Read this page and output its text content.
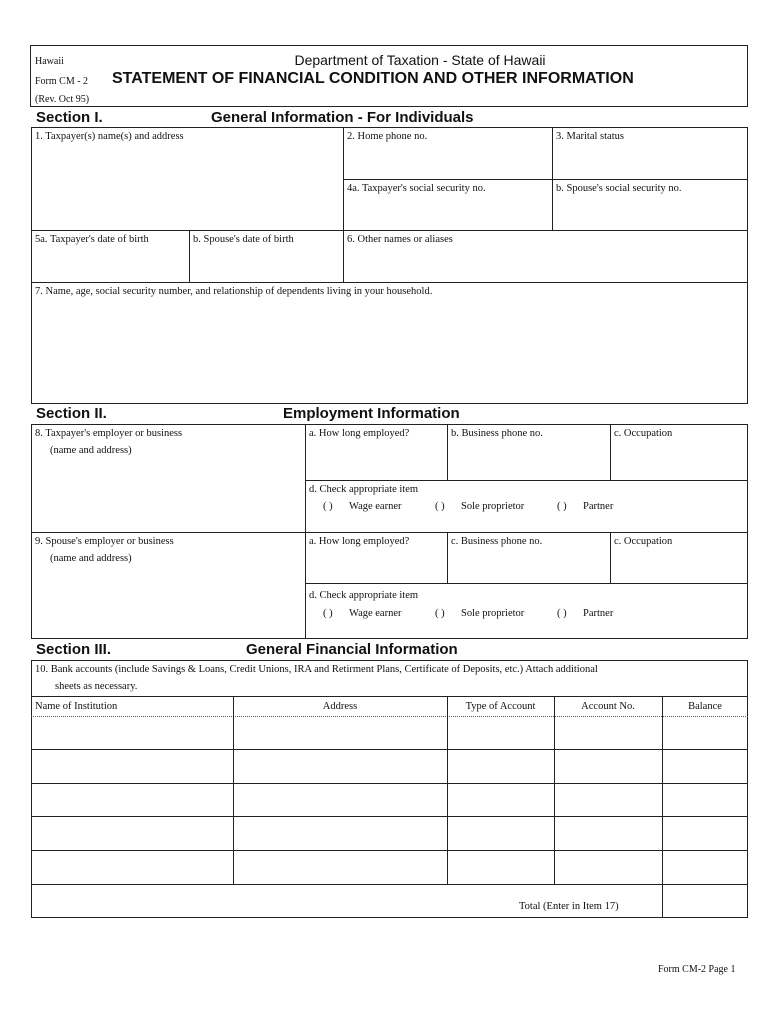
Hawaii
Form CM - 2
(Rev. Oct 95)
Department of Taxation - State of Hawaii
STATEMENT OF FINANCIAL CONDITION AND OTHER INFORMATION
Section I.	General Information - For Individuals
1. Taxpayer(s) name(s) and address	2. Home phone no.	3. Marital status
4a. Taxpayer's social security no.	b. Spouse's social security no.
5a. Taxpayer's date of birth	b. Spouse's date of birth	6. Other names or aliases
7. Name, age, social security number, and relationship of dependents living in your household.
Section II.	Employment Information
8. Taxpayer's employer or business
(name and address)
a. How long employed?	b. Business phone no.	c. Occupation
d. Check appropriate item
( ) Wage earner	( ) Sole proprietor	( ) Partner
9. Spouse's employer or business
(name and address)
a. How long employed?	c. Business phone no.	c. Occupation
d. Check appropriate item
( ) Wage earner	( ) Sole proprietor	( ) Partner
Section III.	General Financial Information
10. Bank accounts (include Savings & Loans, Credit Unions, IRA and Retirment Plans, Certificate of Deposits, etc.) Attach additional
sheets as necessary.
Name of Institution	Address	Type of Account	Account No.	Balance
Total (Enter in Item 17)
Form CM-2 Page 1
